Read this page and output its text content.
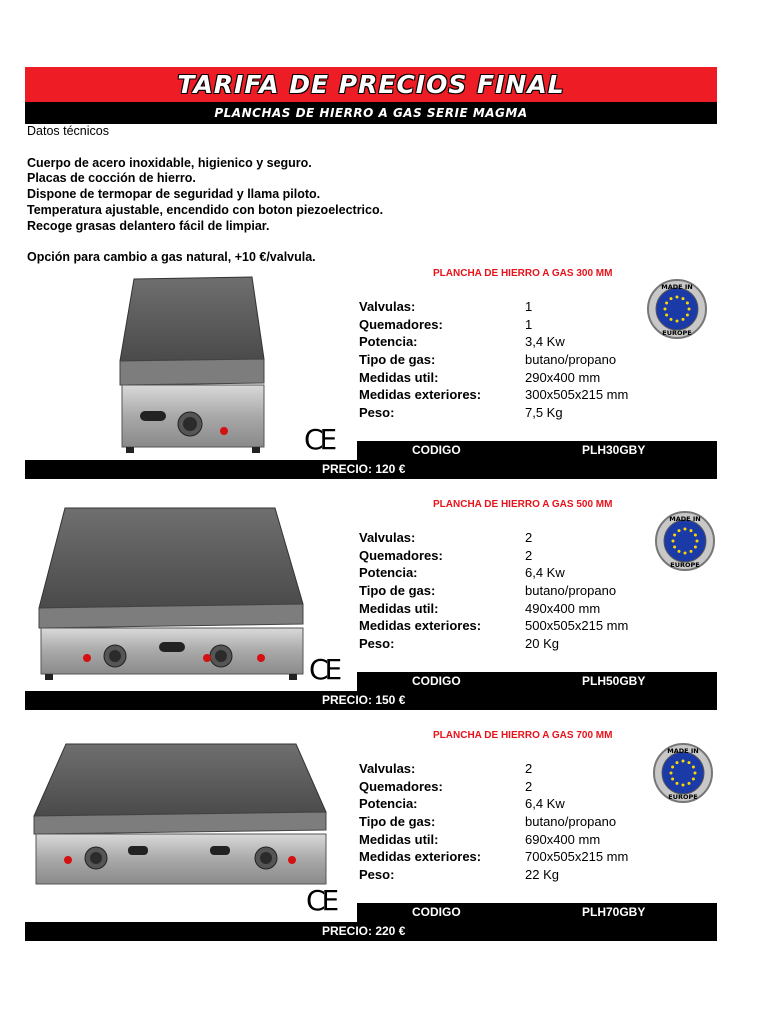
TARIFA DE PRECIOS FINAL
PLANCHAS DE HIERRO A GAS SERIE MAGMA
Datos técnicos
Cuerpo de acero inoxidable, higienico y seguro.
Placas de cocción de hierro.
Dispone de termopar de seguridad y llama piloto.
Temperatura ajustable, encendido con boton piezoelectrico.
Recoge grasas delantero fácil de limpiar.
Opción para cambio a gas natural, +10 €/valvula.
PLANCHA DE HIERRO A GAS 300 MM
Valvulas:	1
Quemadores:	1
Potencia:	3,4 Kw
Tipo de gas:	butano/propano
Medidas util:	290x400 mm
Medidas exteriores:	300x505x215 mm
Peso:	7,5 Kg
MADE IN
EUROPE
CE	CODIGO	PLH30GBY
PRECIO: 120 €
PLANCHA DE HIERRO A GAS 500 MM
Valvulas:	2
Quemadores:	2
Potencia:	6,4 Kw
Tipo de gas:	butano/propano
Medidas util:	490x400 mm
Medidas exteriores:	500x505x215 mm
Peso:	20 Kg
MADE IN
EUROPE
CE	CODIGO	PLH50GBY
PRECIO: 150 €
PLANCHA DE HIERRO A GAS 700 MM
Valvulas:	2
Quemadores:	2
Potencia:	6,4 Kw
Tipo de gas:	butano/propano
Medidas util:	690x400 mm
Medidas exteriores:	700x505x215 mm
Peso:	22 Kg
MADE IN
EUROPE
CE	CODIGO	PLH70GBY
PRECIO: 220 €
